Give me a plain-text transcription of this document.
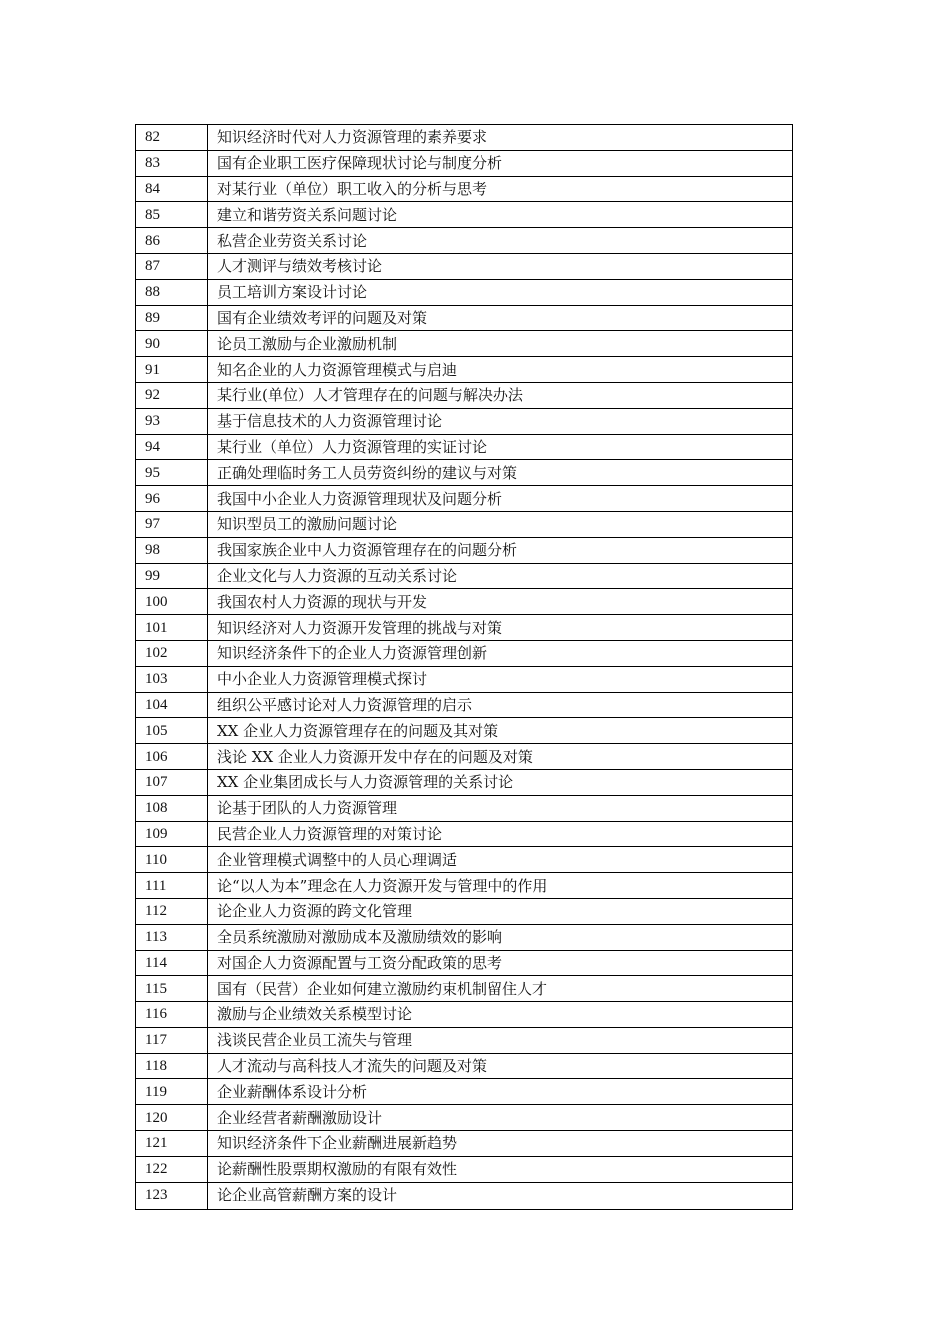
82	知识经济时代对人力资源管理的素养要求
83	国有企业职工医疗保障现状讨论与制度分析
84	对某行业（单位）职工收入的分析与思考
85	建立和谐劳资关系问题讨论
86	私营企业劳资关系讨论
87	人才测评与绩效考核讨论
88	员工培训方案设计讨论
89	国有企业绩效考评的问题及对策
90	论员工激励与企业激励机制
91	知名企业的人力资源管理模式与启迪
92	某行业(单位）人才管理存在的问题与解决办法
93	基于信息技术的人力资源管理讨论
94	某行业（单位）人力资源管理的实证讨论
95	正确处理临时务工人员劳资纠纷的建议与对策
96	我国中小企业人力资源管理现状及问题分析
97	知识型员工的激励问题讨论
98	我国家族企业中人力资源管理存在的问题分析
99	企业文化与人力资源的互动关系讨论
100	我国农村人力资源的现状与开发
101	知识经济对人力资源开发管理的挑战与对策
102	知识经济条件下的企业人力资源管理创新
103	中小企业人力资源管理模式探讨
104	组织公平感讨论对人力资源管理的启示
105	XX 企业人力资源管理存在的问题及其对策
106	浅论 XX 企业人力资源开发中存在的问题及对策
107	XX 企业集团成长与人力资源管理的关系讨论
108	论基于团队的人力资源管理
109	民营企业人力资源管理的对策讨论
110	企业管理模式调整中的人员心理调适
111	论“以人为本”理念在人力资源开发与管理中的作用
112	论企业人力资源的跨文化管理
113	全员系统激励对激励成本及激励绩效的影响
114	对国企人力资源配置与工资分配政策的思考
115	国有（民营）企业如何建立激励约束机制留住人才
116	激励与企业绩效关系模型讨论
117	浅谈民营企业员工流失与管理
118	人才流动与高科技人才流失的问题及对策
119	企业薪酬体系设计分析
120	企业经营者薪酬激励设计
121	知识经济条件下企业薪酬进展新趋势
122	论薪酬性股票期权激励的有限有效性
123	论企业高管薪酬方案的设计
